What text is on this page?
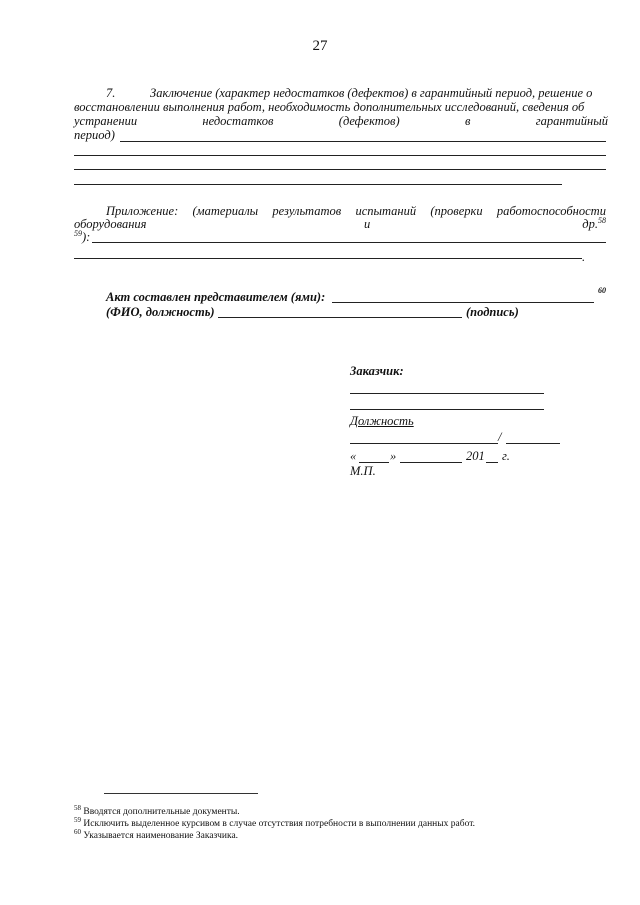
27
7.	Заключение (характер недостатков (дефектов) в гарантийный период, решение о
восстановлении выполнения работ, необходимость дополнительных исследований, сведения об
устранении	недостатков	(дефектов)	в	гарантийный
период)
Приложение: (материалы результатов испытаний (проверки работоспособности
оборудования	и	др.$^{58}$
$^{59}$):
.
Акт составлен представителем (ями):	60
(ФИО, должность)	(подпись)
Заказчик:
Должность
/
«	»	201 г.
М.П.
$^{58}$ Вводятся дополнительные документы.
$^{59}$ Исключить выделенное курсивом в случае отсутствия потребности в выполнении данных работ.
$^{60}$ Указывается наименование Заказчика.
